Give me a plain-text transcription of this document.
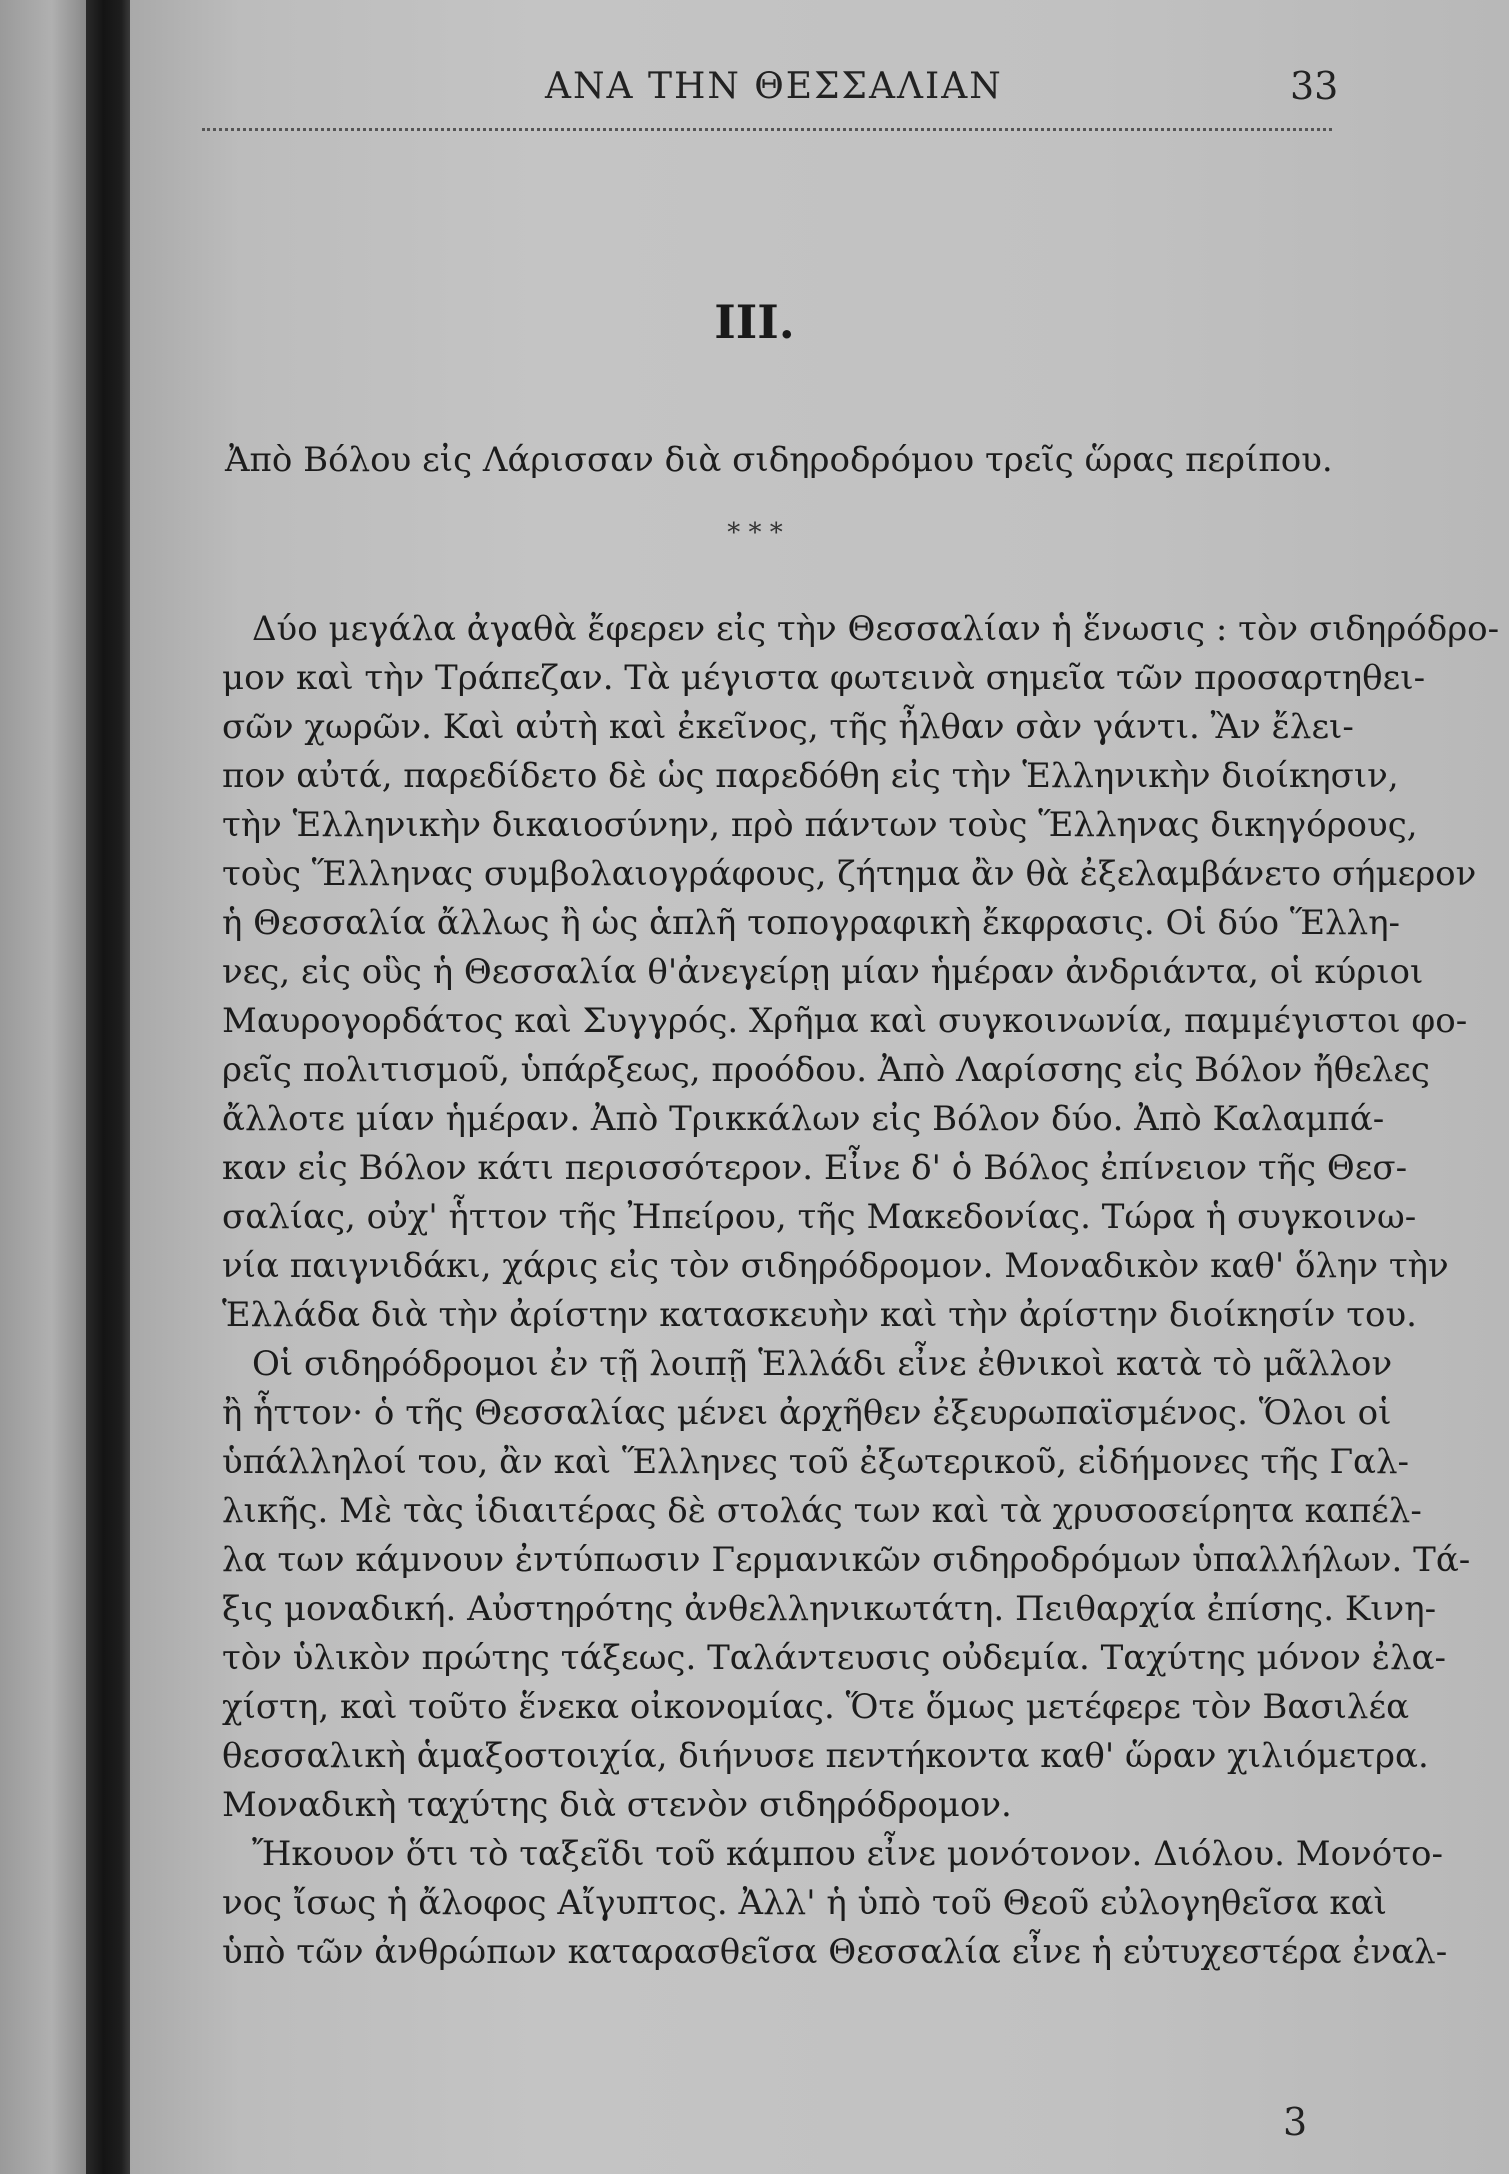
ΑΝΑ ΤΗΝ ΘΕΣΣΑΛΙΑΝ	33
III.
Ἀπὸ Βόλου εἰς Λάρισσαν διὰ σιδηροδρόμου τρεῖς ὥρας περίπου.
* * *
Δύο μεγάλα ἀγαθὰ ἔφερεν εἰς τὴν Θεσσαλίαν ἡ ἕνωσις : τὸν σιδηρόδρο-
μον καὶ τὴν Τράπεζαν. Τὰ μέγιστα φωτεινὰ σημεῖα τῶν προσαρτηθει-
σῶν χωρῶν. Καὶ αὐτὴ καὶ ἐκεῖνος, τῆς ἦλθαν σὰν γάντι. Ἂν ἔλει-
πον αὐτά, παρεδίδετο δὲ ὡς παρεδόθη εἰς τὴν Ἑλληνικὴν διοίκησιν,
τὴν Ἑλληνικὴν δικαιοσύνην, πρὸ πάντων τοὺς Ἕλληνας δικηγόρους,
τοὺς Ἕλληνας συμβολαιογράφους, ζήτημα ἂν θὰ ἐξελαμβάνετο σήμερον
ἡ Θεσσαλία ἄλλως ἢ ὡς ἁπλῆ τοπογραφικὴ ἔκφρασις. Οἱ δύο Ἕλλη-
νες, εἰς οὓς ἡ Θεσσαλία θ'ἀνεγείρῃ μίαν ἡμέραν ἀνδριάντα, οἱ κύριοι
Μαυρογορδάτος καὶ Συγγρός. Χρῆμα καὶ συγκοινωνία, παμμέγιστοι φο-
ρεῖς πολιτισμοῦ, ὑπάρξεως, προόδου. Ἀπὸ Λαρίσσης εἰς Βόλον ἤθελες
ἄλλοτε μίαν ἡμέραν. Ἀπὸ Τρικκάλων εἰς Βόλον δύο. Ἀπὸ Καλαμπά-
καν εἰς Βόλον κάτι περισσότερον. Εἶνε δ' ὁ Βόλος ἐπίνειον τῆς Θεσ-
σαλίας, οὐχ' ἧττον τῆς Ἠπείρου, τῆς Μακεδονίας. Τώρα ἡ συγκοινω-
νία παιγνιδάκι, χάρις εἰς τὸν σιδηρόδρομον. Μοναδικὸν καθ' ὅλην τὴν
Ἑλλάδα διὰ τὴν ἀρίστην κατασκευὴν καὶ τὴν ἀρίστην διοίκησίν του.
Οἱ σιδηρόδρομοι ἐν τῇ λοιπῇ Ἑλλάδι εἶνε ἐθνικοὶ κατὰ τὸ μᾶλλον
ἢ ἧττον· ὁ τῆς Θεσσαλίας μένει ἀρχῆθεν ἐξευρωπαϊσμένος. Ὅλοι οἱ
ὑπάλληλοί του, ἂν καὶ Ἕλληνες τοῦ ἐξωτερικοῦ, εἰδήμονες τῆς Γαλ-
λικῆς. Μὲ τὰς ἰδιαιτέρας δὲ στολάς των καὶ τὰ χρυσοσείρητα καπέλ-
λα των κάμνουν ἐντύπωσιν Γερμανικῶν σιδηροδρόμων ὑπαλλήλων. Τά-
ξις μοναδική. Αὐστηρότης ἀνθελληνικωτάτη. Πειθαρχία ἐπίσης. Κινη-
τὸν ὑλικὸν πρώτης τάξεως. Ταλάντευσις οὐδεμία. Ταχύτης μόνον ἐλα-
χίστη, καὶ τοῦτο ἕνεκα οἰκονομίας. Ὅτε ὅμως μετέφερε τὸν Βασιλέα
θεσσαλικὴ ἁμαξοστοιχία, διήνυσε πεντήκοντα καθ' ὥραν χιλιόμετρα.
Μοναδικὴ ταχύτης διὰ στενὸν σιδηρόδρομον.
Ἤκουον ὅτι τὸ ταξεῖδι τοῦ κάμπου εἶνε μονότονον. Διόλου. Μονότο-
νος ἴσως ἡ ἄλοφος Αἴγυπτος. Ἀλλ' ἡ ὑπὸ τοῦ Θεοῦ εὐλογηθεῖσα καὶ
ὑπὸ τῶν ἀνθρώπων καταρασθεῖσα Θεσσαλία εἶνε ἡ εὐτυχεστέρα ἐναλ-
3
